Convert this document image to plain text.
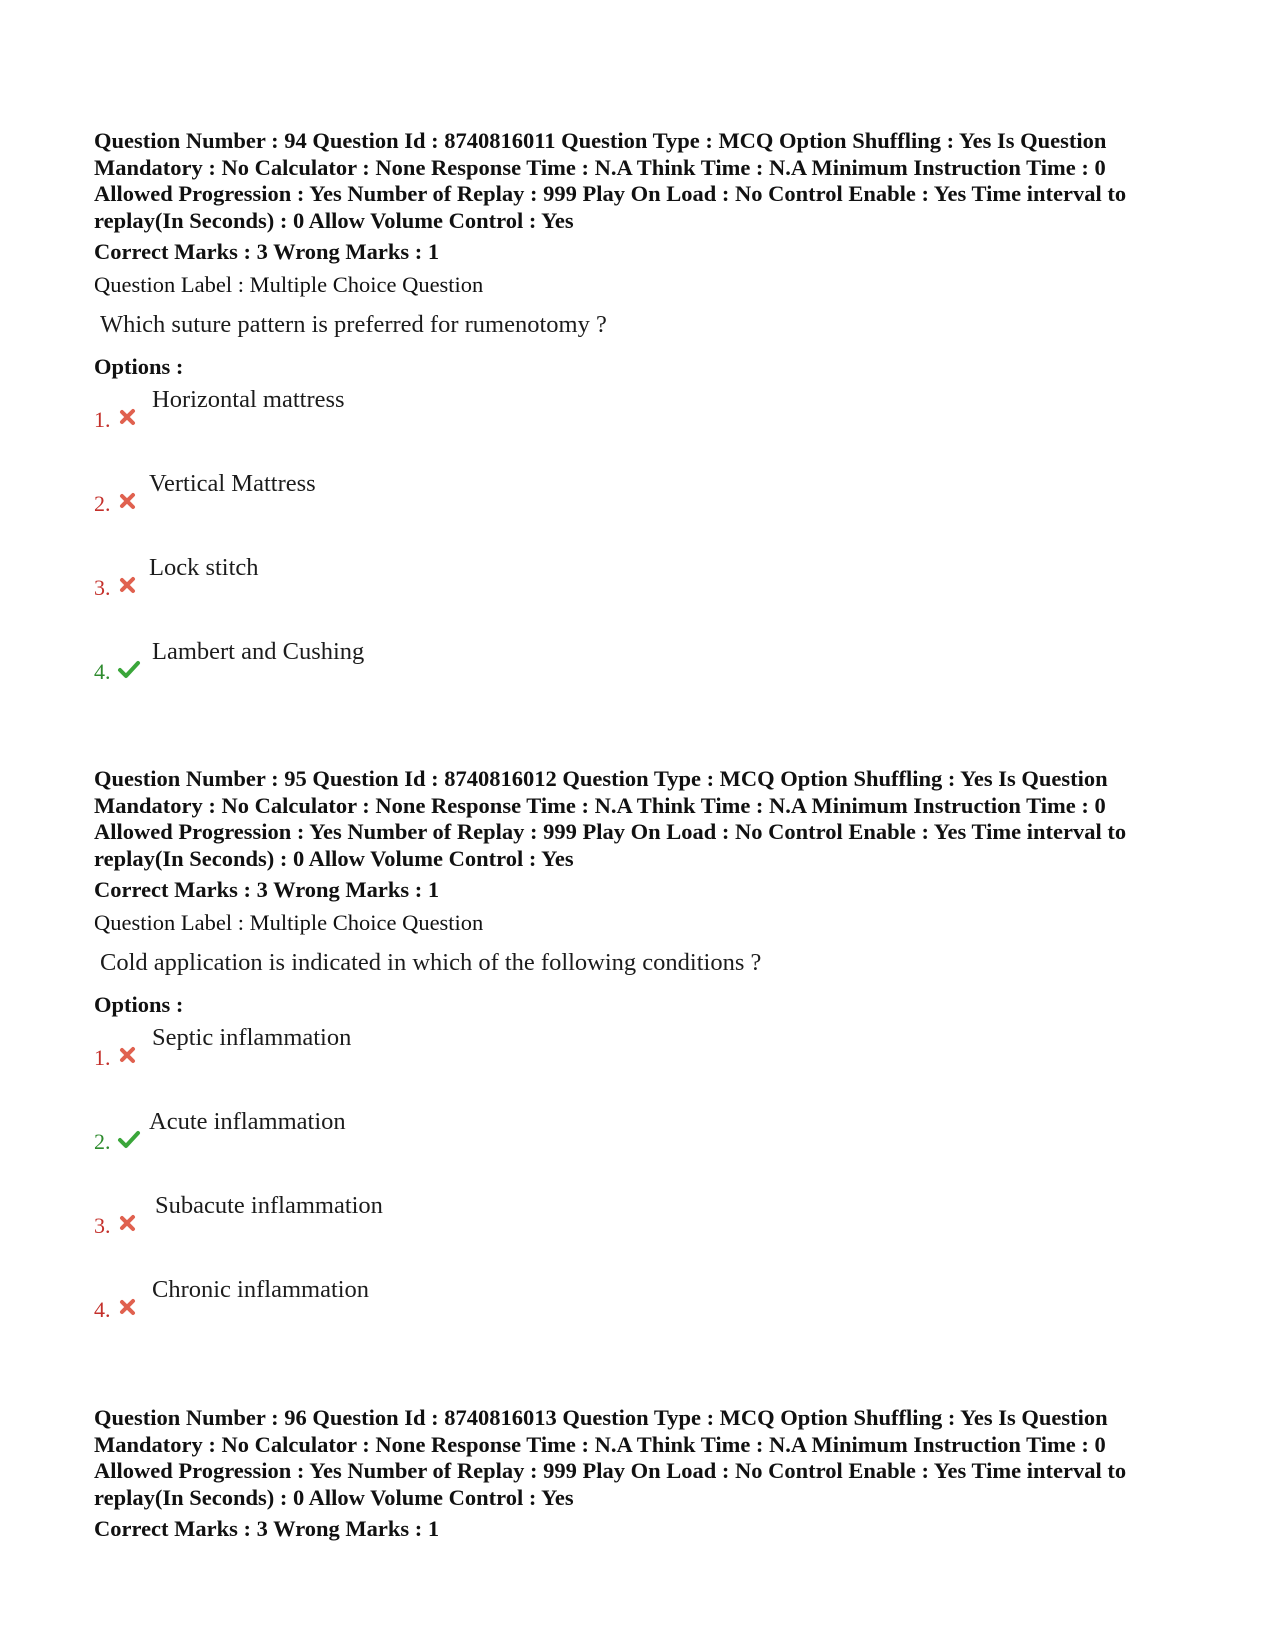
Question Number : 94 Question Id : 8740816011 Question Type : MCQ Option Shuffling : Yes Is Question
Mandatory : No Calculator : None Response Time : N.A Think Time : N.A Minimum Instruction Time : 0
Allowed Progression : Yes Number of Replay : 999 Play On Load : No Control Enable : Yes Time interval to
replay(In Seconds) : 0 Allow Volume Control : Yes
Correct Marks : 3 Wrong Marks : 1
Question Label : Multiple Choice Question
Which suture pattern is preferred for rumenotomy ?
Options :
1.
Horizontal mattress
2.
Vertical Mattress
3.
Lock stitch
4.
Lambert and Cushing
Question Number : 95 Question Id : 8740816012 Question Type : MCQ Option Shuffling : Yes Is Question
Mandatory : No Calculator : None Response Time : N.A Think Time : N.A Minimum Instruction Time : 0
Allowed Progression : Yes Number of Replay : 999 Play On Load : No Control Enable : Yes Time interval to
replay(In Seconds) : 0 Allow Volume Control : Yes
Correct Marks : 3 Wrong Marks : 1
Question Label : Multiple Choice Question
Cold application is indicated in which of the following conditions ?
Options :
1.
Septic inflammation
2.
Acute inflammation
3.
Subacute inflammation
4.
Chronic inflammation
Question Number : 96 Question Id : 8740816013 Question Type : MCQ Option Shuffling : Yes Is Question
Mandatory : No Calculator : None Response Time : N.A Think Time : N.A Minimum Instruction Time : 0
Allowed Progression : Yes Number of Replay : 999 Play On Load : No Control Enable : Yes Time interval to
replay(In Seconds) : 0 Allow Volume Control : Yes
Correct Marks : 3 Wrong Marks : 1
